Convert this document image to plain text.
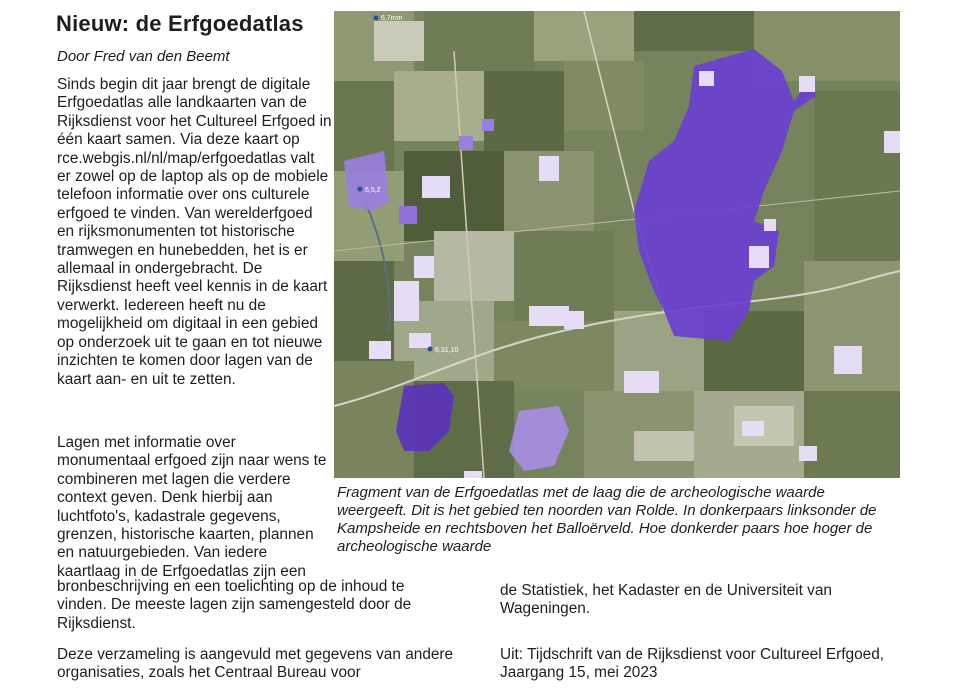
Nieuw: de Erfgoedatlas

Door Fred van den Beemt

Sinds begin dit jaar brengt de digitale Erfgoedatlas alle landkaarten van de Rijksdienst voor het Cultureel Erfgoed in één kaart samen. Via deze kaart op rce.webgis.nl/nl/map/erfgoedatlas valt er zowel op de laptop als op de mobiele telefoon informatie over ons culturele erfgoed te vinden. Van werelderfgoed en rijksmonumenten tot historische tramwegen en hunebedden, het is er allemaal in ondergebracht. De Rijksdienst heeft veel kennis in de kaart verwerkt. Iedereen heeft nu de mogelijkheid om digitaal in een gebied op onderzoek uit te gaan en tot nieuwe inzichten te komen door lagen van de kaart aan- en uit te zetten.

Lagen met informatie over monumentaal erfgoed zijn naar wens te combineren met lagen die verdere context geven. Denk hierbij aan luchtfoto's, kadastrale gegevens, grenzen, historische kaarten, plannen en natuurgebieden. Van iedere kaartlaag in de Erfgoedatlas zijn een

bronbeschrijving en een toelichting op de inhoud te vinden. De meeste lagen zijn samengesteld door de Rijksdienst.

Deze verzameling is aangevuld met gegevens van andere organisaties, zoals het Centraal Bureau voor

de Statistiek, het Kadaster en de Universiteit van Wageningen.

Uit: Tijdschrift van de Rijksdienst voor Cultureel Erfgoed, Jaargang 15, mei 2023

6,7mm
6,5,2
6,31,10

Fragment van de Erfgoedatlas met de laag die de archeologische waarde weergeeft. Dit is het gebied ten noorden van Rolde. In donkerpaars linksonder de Kampsheide en rechtsboven het Balloërveld. Hoe donkerder paars hoe hoger de archeologische waarde
